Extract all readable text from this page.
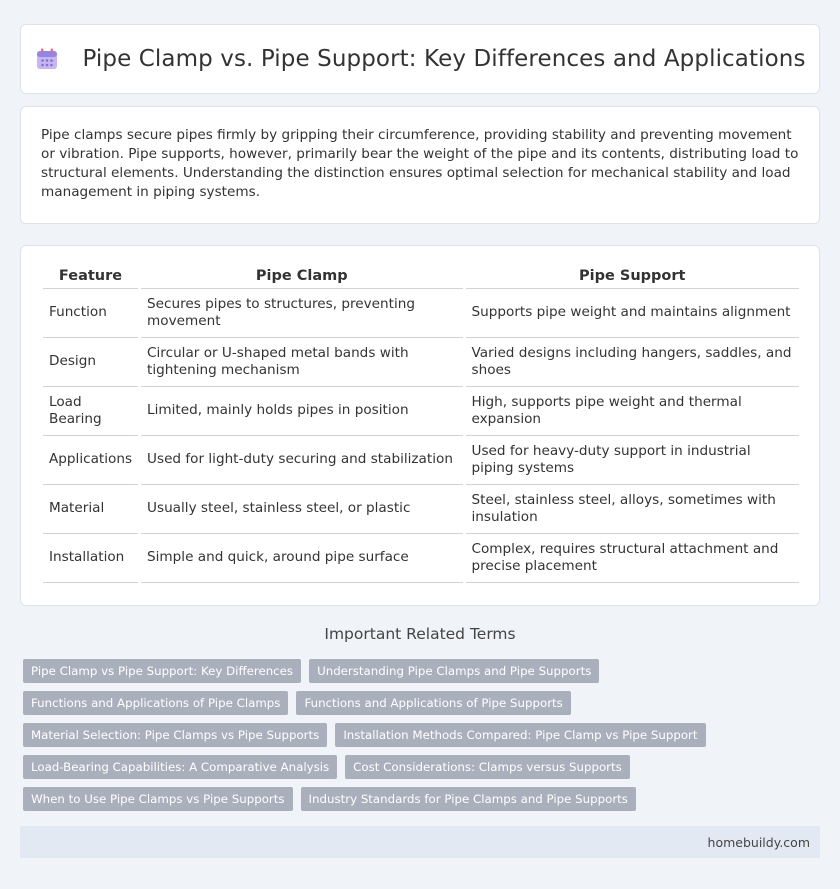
Pipe Clamp vs. Pipe Support: Key Differences and Applications

Pipe clamps secure pipes firmly by gripping their circumference, providing stability and preventing movement or vibration. Pipe supports, however, primarily bear the weight of the pipe and its contents, distributing load to structural elements. Understanding the distinction ensures optimal selection for mechanical stability and load management in piping systems.

Feature		Pipe Clamp		Pipe Support
Function		Secures pipes to structures, preventing movement		Supports pipe weight and maintains alignment
Design		Circular or U-shaped metal bands with tightening mechanism		Varied designs including hangers, saddles, and shoes
Load Bearing		Limited, mainly holds pipes in position		High, supports pipe weight and thermal expansion
Applications		Used for light-duty securing and stabilization		Used for heavy-duty support in industrial piping systems
Material		Usually steel, stainless steel, or plastic		Steel, stainless steel, alloys, sometimes with insulation
Installation		Simple and quick, around pipe surface		Complex, requires structural attachment and precise placement
Important Related Terms
Pipe Clamp vs Pipe Support: Key Differences	Understanding Pipe Clamps and Pipe Supports
Functions and Applications of Pipe Clamps	Functions and Applications of Pipe Supports
Material Selection: Pipe Clamps vs Pipe Supports	Installation Methods Compared: Pipe Clamp vs Pipe Support
Load-Bearing Capabilities: A Comparative Analysis	Cost Considerations: Clamps versus Supports
When to Use Pipe Clamps vs Pipe Supports	Industry Standards for Pipe Clamps and Pipe Supports
homebuildy.com
